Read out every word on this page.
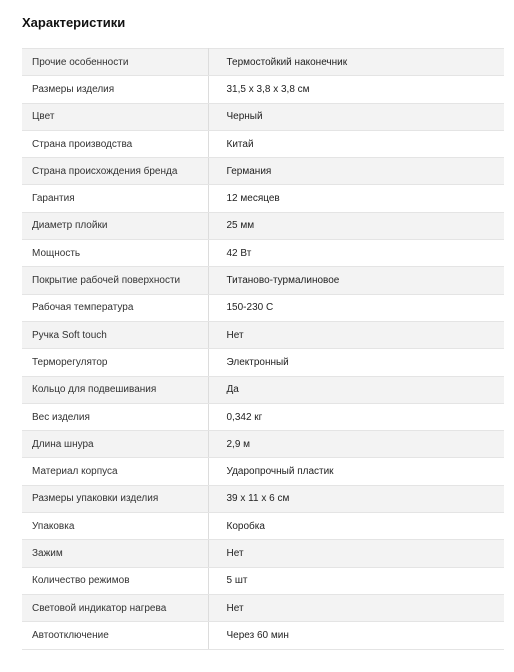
Характеристики
Прочие особенности	Термостойкий наконечник
Размеры изделия	31,5 x 3,8 x 3,8 см
Цвет	Черный
Страна производства	Китай
Страна происхождения бренда	Германия
Гарантия	12 месяцев
Диаметр плойки	25 мм
Мощность	42 Вт
Покрытие рабочей поверхности	Титаново-турмалиновое
Рабочая температура	150-230 С
Ручка Soft touch	Нет
Терморегулятор	Электронный
Кольцо для подвешивания	Да
Вес изделия	0,342 кг
Длина шнура	2,9 м
Материал корпуса	Ударопрочный пластик
Размеры упаковки изделия	39 x 11 x 6 см
Упаковка	Коробка
Зажим	Нет
Количество режимов	5 шт
Световой индикатор нагрева	Нет
Автоотключение	Через 60 мин
